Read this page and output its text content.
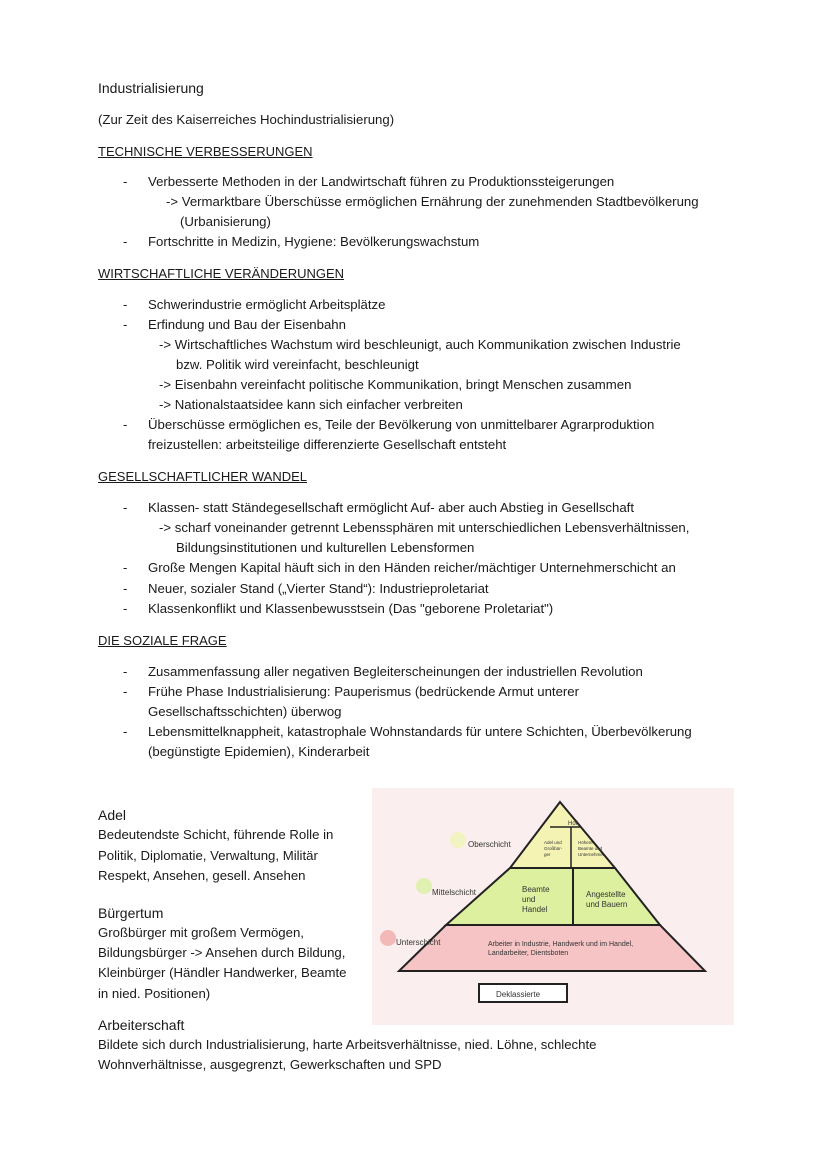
Industrialisierung
(Zur Zeit des Kaiserreiches Hochindustrialisierung)
TECHNISCHE VERBESSERUNGEN
- Verbesserte Methoden in der Landwirtschaft führen zu Produktionssteigerungen
-> Vermarktbare Überschüsse ermöglichen Ernährung der zunehmenden Stadtbevölkerung
(Urbanisierung)
- Fortschritte in Medizin, Hygiene: Bevölkerungswachstum
WIRTSCHAFTLICHE VERÄNDERUNGEN
- Schwerindustrie ermöglicht Arbeitsplätze
- Erfindung und Bau der Eisenbahn
-> Wirtschaftliches Wachstum wird beschleunigt, auch Kommunikation zwischen Industrie
bzw. Politik wird vereinfacht, beschleunigt
-> Eisenbahn vereinfacht politische Kommunikation, bringt Menschen zusammen
-> Nationalstaatsidee kann sich einfacher verbreiten
- Überschüsse ermöglichen es, Teile der Bevölkerung von unmittelbarer Agrarproduktion
freizustellen: arbeitsteilige differenzierte Gesellschaft entsteht
GESELLSCHAFTLICHER WANDEL
- Klassen- statt Ständegesellschaft ermöglicht Auf- aber auch Abstieg in Gesellschaft
-> scharf voneinander getrennt Lebenssphären mit unterschiedlichen Lebensverhältnissen,
Bildungsinstitutionen und kulturellen Lebensformen
- Große Mengen Kapital häuft sich in den Händen reicher/mächtiger Unternehmerschicht an
- Neuer, sozialer Stand („Vierter Stand“): Industrieproletariat
- Klassenkonflikt und Klassenbewusstsein (Das "geborene Proletariat")
DIE SOZIALE FRAGE
- Zusammenfassung aller negativen Begleiterscheinungen der industriellen Revolution
- Frühe Phase Industrialisierung: Pauperismus (bedrückende Armut unterer
Gesellschaftsschichten) überwog
- Lebensmittelknappheit, katastrophale Wohnstandards für untere Schichten, Überbevölkerung
(begünstigte Epidemien), Kinderarbeit
Adel
Bedeutendste Schicht, führende Rolle in
Politik, Diplomatie, Verwaltung, Militär
Respekt, Ansehen, gesell. Ansehen
Bürgertum
Großbürger mit großem Vermögen,
Bildungsbürger -> Ansehen durch Bildung,
Kleinbürger (Händler Handwerker, Beamte
in nied. Positionen)
Arbeiterschaft
Bildete sich durch Industrialisierung, harte Arbeitsverhältnisse, nied. Löhne, schlechte
Wohnverhältnisse, ausgegrenzt, Gewerkschaften und SPD
Hof
Adel und
Großbür-
ger
Höhere
Beamte und
Unternehmer
Beamte
und
Handel
Angestellte
und Bauern
Arbeiter in Industrie, Handwerk und im Handel,
Landarbeiter, Dientsboten
Oberschicht
Mittelschicht
Unterschicht
Deklassierte
